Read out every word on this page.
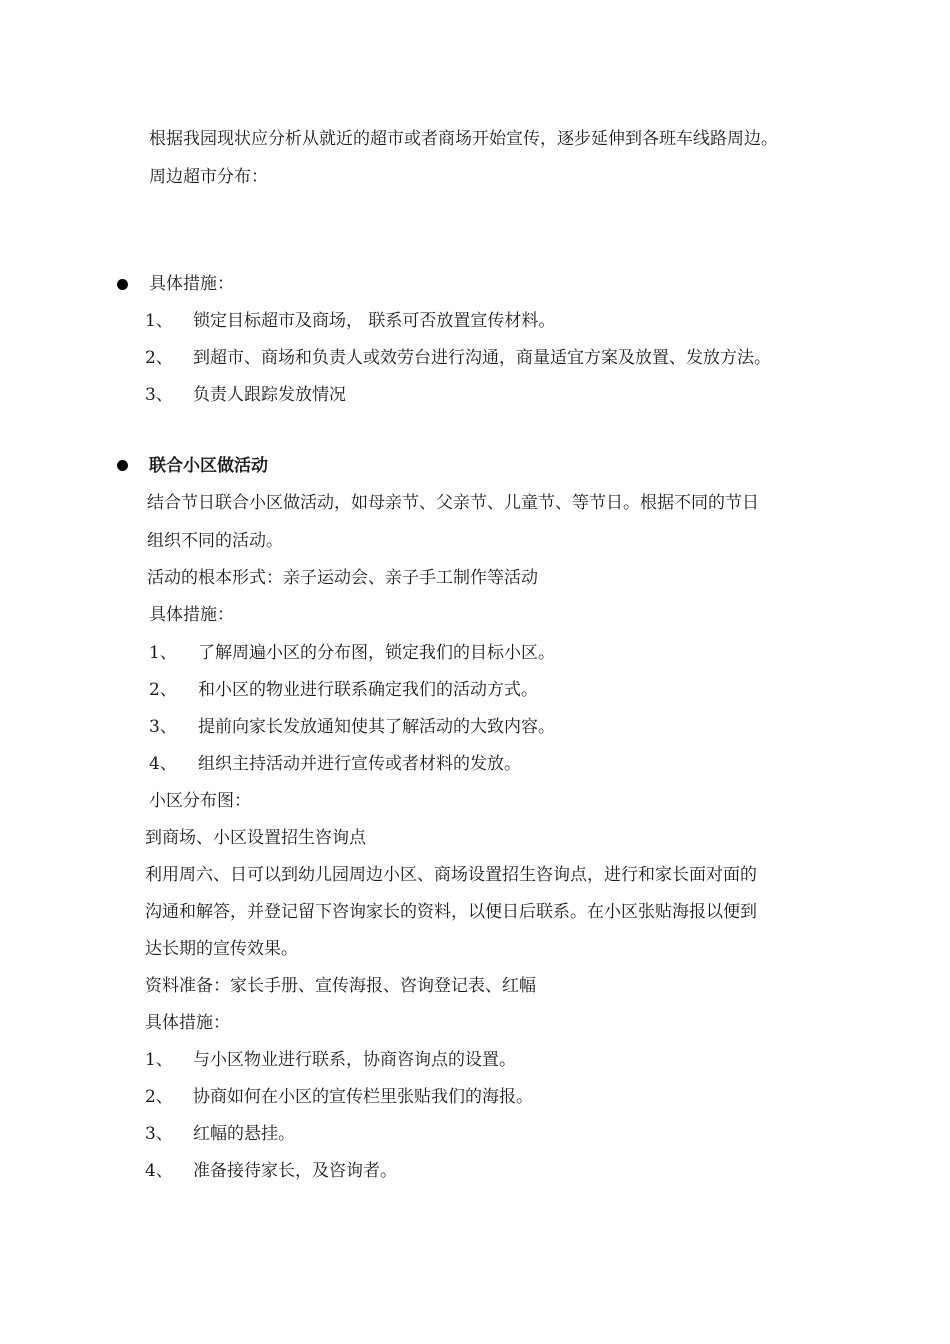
根据我园现状应分析从就近的超市或者商场开始宣传，逐步延伸到各班车线路周边。
周边超市分布：
具体措施：
1、 锁定目标超市及商场， 联系可否放置宣传材料。
2、 到超市、商场和负责人或效劳台进行沟通，商量适宜方案及放置、发放方法。
3、 负责人跟踪发放情况
联合小区做活动
结合节日联合小区做活动，如母亲节、父亲节、儿童节、等节日。根据不同的节日
组织不同的活动。
活动的根本形式：亲子运动会、亲子手工制作等活动
具体措施：
1、 了解周遍小区的分布图，锁定我们的目标小区。
2、 和小区的物业进行联系确定我们的活动方式。
3、 提前向家长发放通知使其了解活动的大致内容。
4、 组织主持活动并进行宣传或者材料的发放。
小区分布图：
到商场、小区设置招生咨询点
利用周六、日可以到幼儿园周边小区、商场设置招生咨询点，进行和家长面对面的
沟通和解答，并登记留下咨询家长的资料，以便日后联系。在小区张贴海报以便到
达长期的宣传效果。
资料准备：家长手册、宣传海报、咨询登记表、红幅
具体措施：
1、 与小区物业进行联系，协商咨询点的设置。
2、 协商如何在小区的宣传栏里张贴我们的海报。
3、 红幅的悬挂。
4、 准备接待家长，及咨询者。
